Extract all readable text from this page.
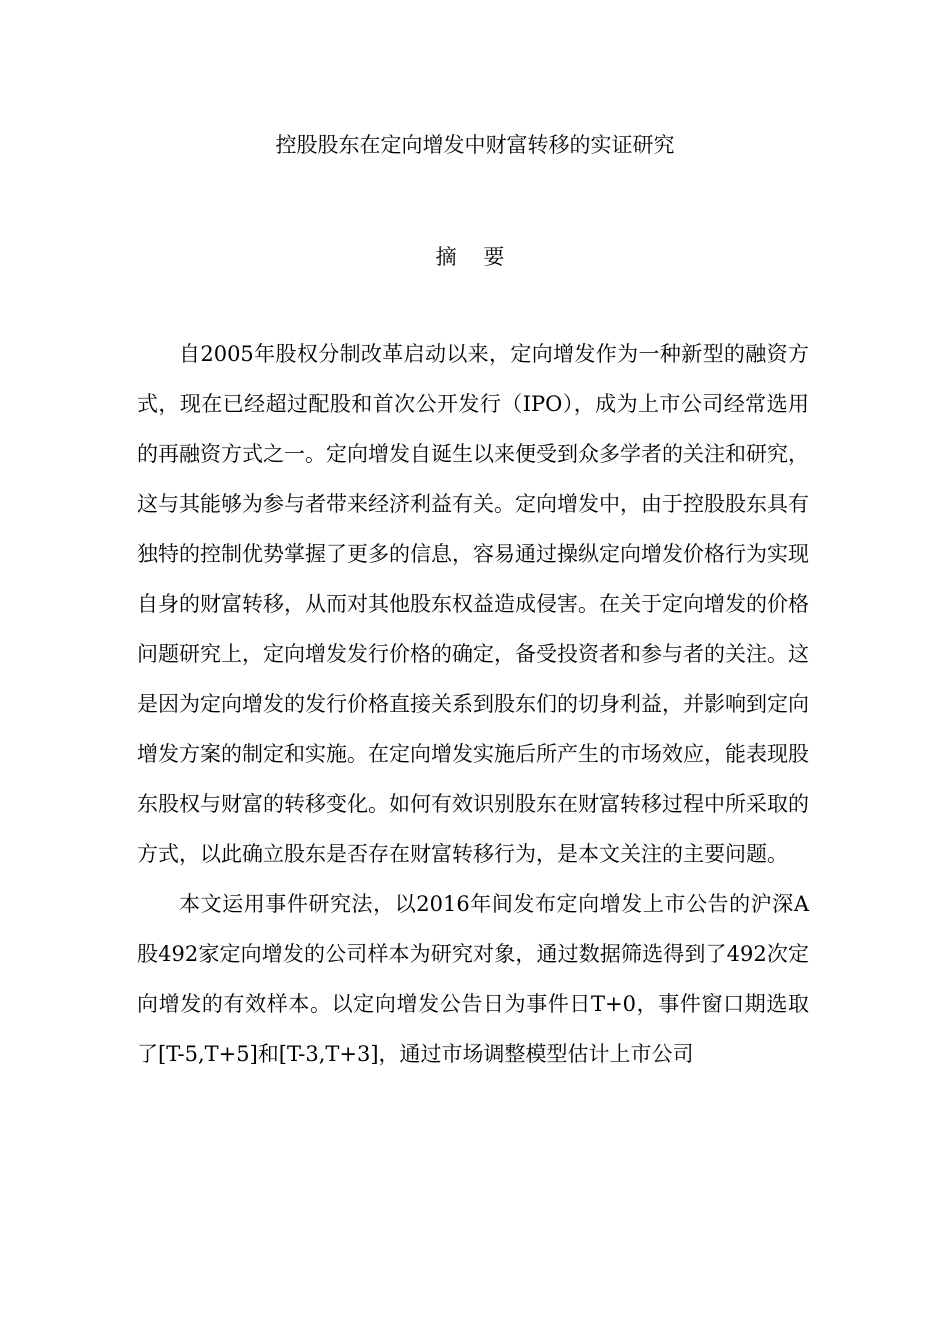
控股股东在定向增发中财富转移的实证研究
摘 要

自2005年股权分制改革启动以来，定向增发作为一种新型的融资方式，现在已经超过配股和首次公开发行（IPO），成为上市公司经常选用的再融资方式之一。定向增发自诞生以来便受到众多学者的关注和研究，这与其能够为参与者带来经济利益有关。定向增发中，由于控股股东具有独特的控制优势掌握了更多的信息，容易通过操纵定向增发价格行为实现自身的财富转移，从而对其他股东权益造成侵害。在关于定向增发的价格问题研究上，定向增发发行价格的确定，备受投资者和参与者的关注。这是因为定向增发的发行价格直接关系到股东们的切身利益，并影响到定向增发方案的制定和实施。在定向增发实施后所产生的市场效应，能表现股东股权与财富的转移变化。如何有效识别股东在财富转移过程中所采取的方式，以此确立股东是否存在财富转移行为，是本文关注的主要问题。

本文运用事件研究法，以2016年间发布定向增发上市公告的沪深A股492家定向增发的公司样本为研究对象，通过数据筛选得到了492次定向增发的有效样本。以定向增发公告日为事件日T+0，事件窗口期选取了[T-5,T+5]和[T-3,T+3]，通过市场调整模型估计上市公司
